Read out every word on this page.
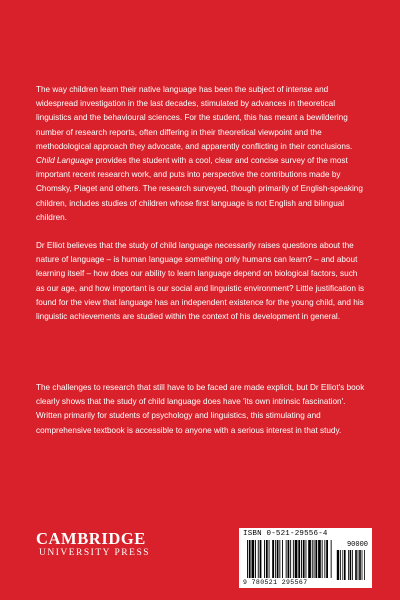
The way children learn their native language has been the subject of intense and widespread investigation in the last decades, stimulated by advances in theoretical linguistics and the behavioural sciences. For the student, this has meant a bewildering number of research reports, often differing in their theoretical viewpoint and the methodological approach they advocate, and apparently conflicting in their conclusions. Child Language provides the student with a cool, clear and concise survey of the most important recent research work, and puts into perspective the contributions made by Chomsky, Piaget and others. The research surveyed, though primarily of English-speaking children, includes studies of children whose first language is not English and bilingual children.

Dr Elliot believes that the study of child language necessarily raises questions about the nature of language – is human language something only humans can learn? – and about learning itself – how does our ability to learn language depend on biological factors, such as our age, and how important is our social and linguistic environment? Little justification is found for the view that language has an independent existence for the young child, and his linguistic achievements are studied within the context of his development in general.

The challenges to research that still have to be faced are made explicit, but Dr Elliot's book clearly shows that the study of child language does have 'its own intrinsic fascination'. Written primarily for students of psychology and linguistics, this stimulating and comprehensive textbook is accessible to anyone with a serious interest in that study.

CAMBRIDGE
UNIVERSITY PRESS
ISBN 0-521-29556-4
90000
9 780521 295567
